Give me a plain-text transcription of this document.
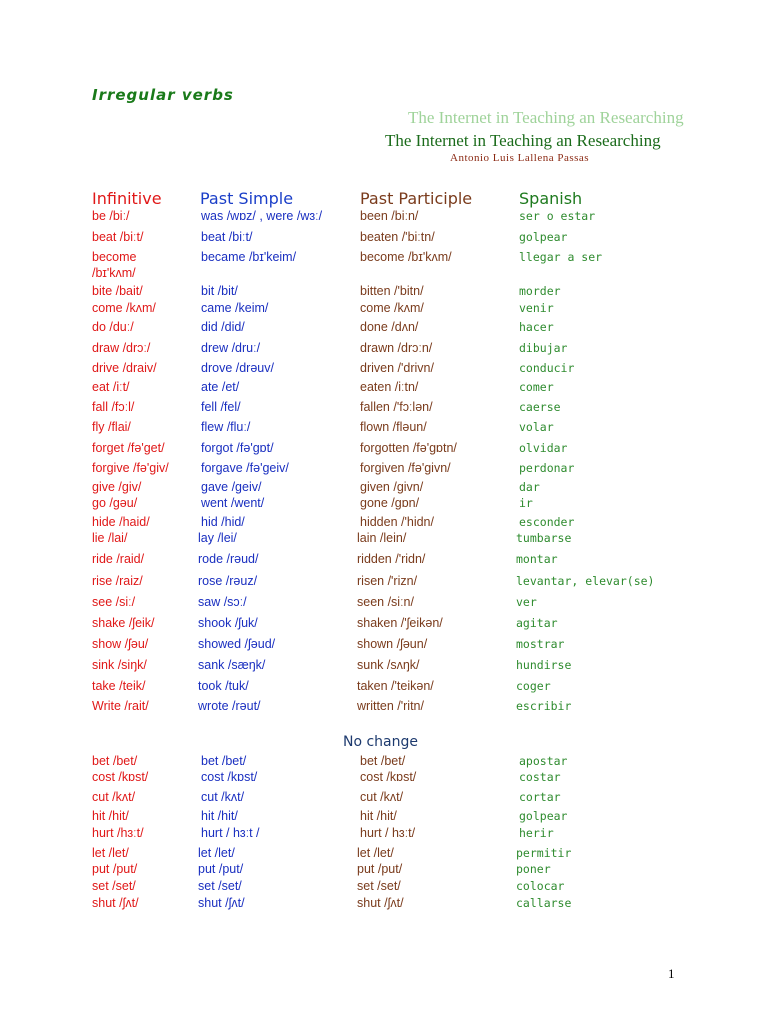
Irregular verbs
The Internet in Teaching an Researching
The Internet in Teaching an Researching
Antonio Luis Lallena Passas
Infinitive Past Simple	Past Participle	Spanish
be /biː/	was /wɒz/ , were /wɜː/	been /biːn/	ser o estar
beat /biːt/	beat /biːt/	beaten /'biːtn/	golpear
become	became /bɪ'keim/	become /bɪ'kʌm/	llegar a ser
/bɪ'kʌm/
bite /bait/	bit /bit/	bitten /'bitn/	morder
come /kʌm/	came /keim/	come /kʌm/	venir
do /duː/	did /did/	done /dʌn/	hacer
draw /drɔː/	drew /druː/	drawn /drɔːn/	dibujar
drive /draiv/	drove /drəuv/	driven /'drivn/	conducir
eat /iːt/	ate /et/	eaten /iːtn/	comer
fall /fɔːl/	fell /fel/	fallen /'fɔːlən/	caerse
fly /flai/	flew /fluː/	flown /fləun/	volar
forget /fə'get/	forgot /fə'gɒt/	forgotten /fə'gɒtn/	olvidar
forgive /fə'giv/	forgave /fə'geiv/	forgiven /fə'givn/	perdonar
give /giv/	gave /geiv/	given /givn/	dar
go /gəu/	went /went/	gone /gɒn/	ir
hide /haid/	hid /hid/	hidden /'hidn/	esconder
lie /lai/	lay /lei/	lain /lein/	tumbarse
ride /raid/	rode /rəud/	ridden /'ridn/	montar
rise /raiz/	rose /rəuz/	risen /'rizn/	levantar, elevar(se)
see /siː/	saw /sɔː/	seen /siːn/	ver
shake /ʃeik/	shook /ʃuk/	shaken /'ʃeikən/	agitar
show /ʃəu/	showed /ʃəud/	shown /ʃəun/	mostrar
sink /siŋk/	sank /sæŋk/	sunk /sʌŋk/	hundirse
take /teik/	took /tuk/	taken /'teikən/	coger
Write /rait/	wrote /rəut/	written /'ritn/	escribir
bet /bet/	bet /bet/	bet /bet/	apostar
cost /kɒst/	cost /kɒst/	cost /kɒst/	costar
cut /kʌt/	cut /kʌt/	cut /kʌt/	cortar
hit /hit/	hit /hit/	hit /hit/	golpear
hurt /hɜːt/	hurt / hɜːt /	hurt / hɜːt/	herir
let /let/	let /let/	let /let/	permitir
put /put/	put /put/	put /put/	poner
set /set/	set /set/	set /set/	colocar
shut /ʃʌt/	shut /ʃʌt/	shut /ʃʌt/	callarse
No change
1
